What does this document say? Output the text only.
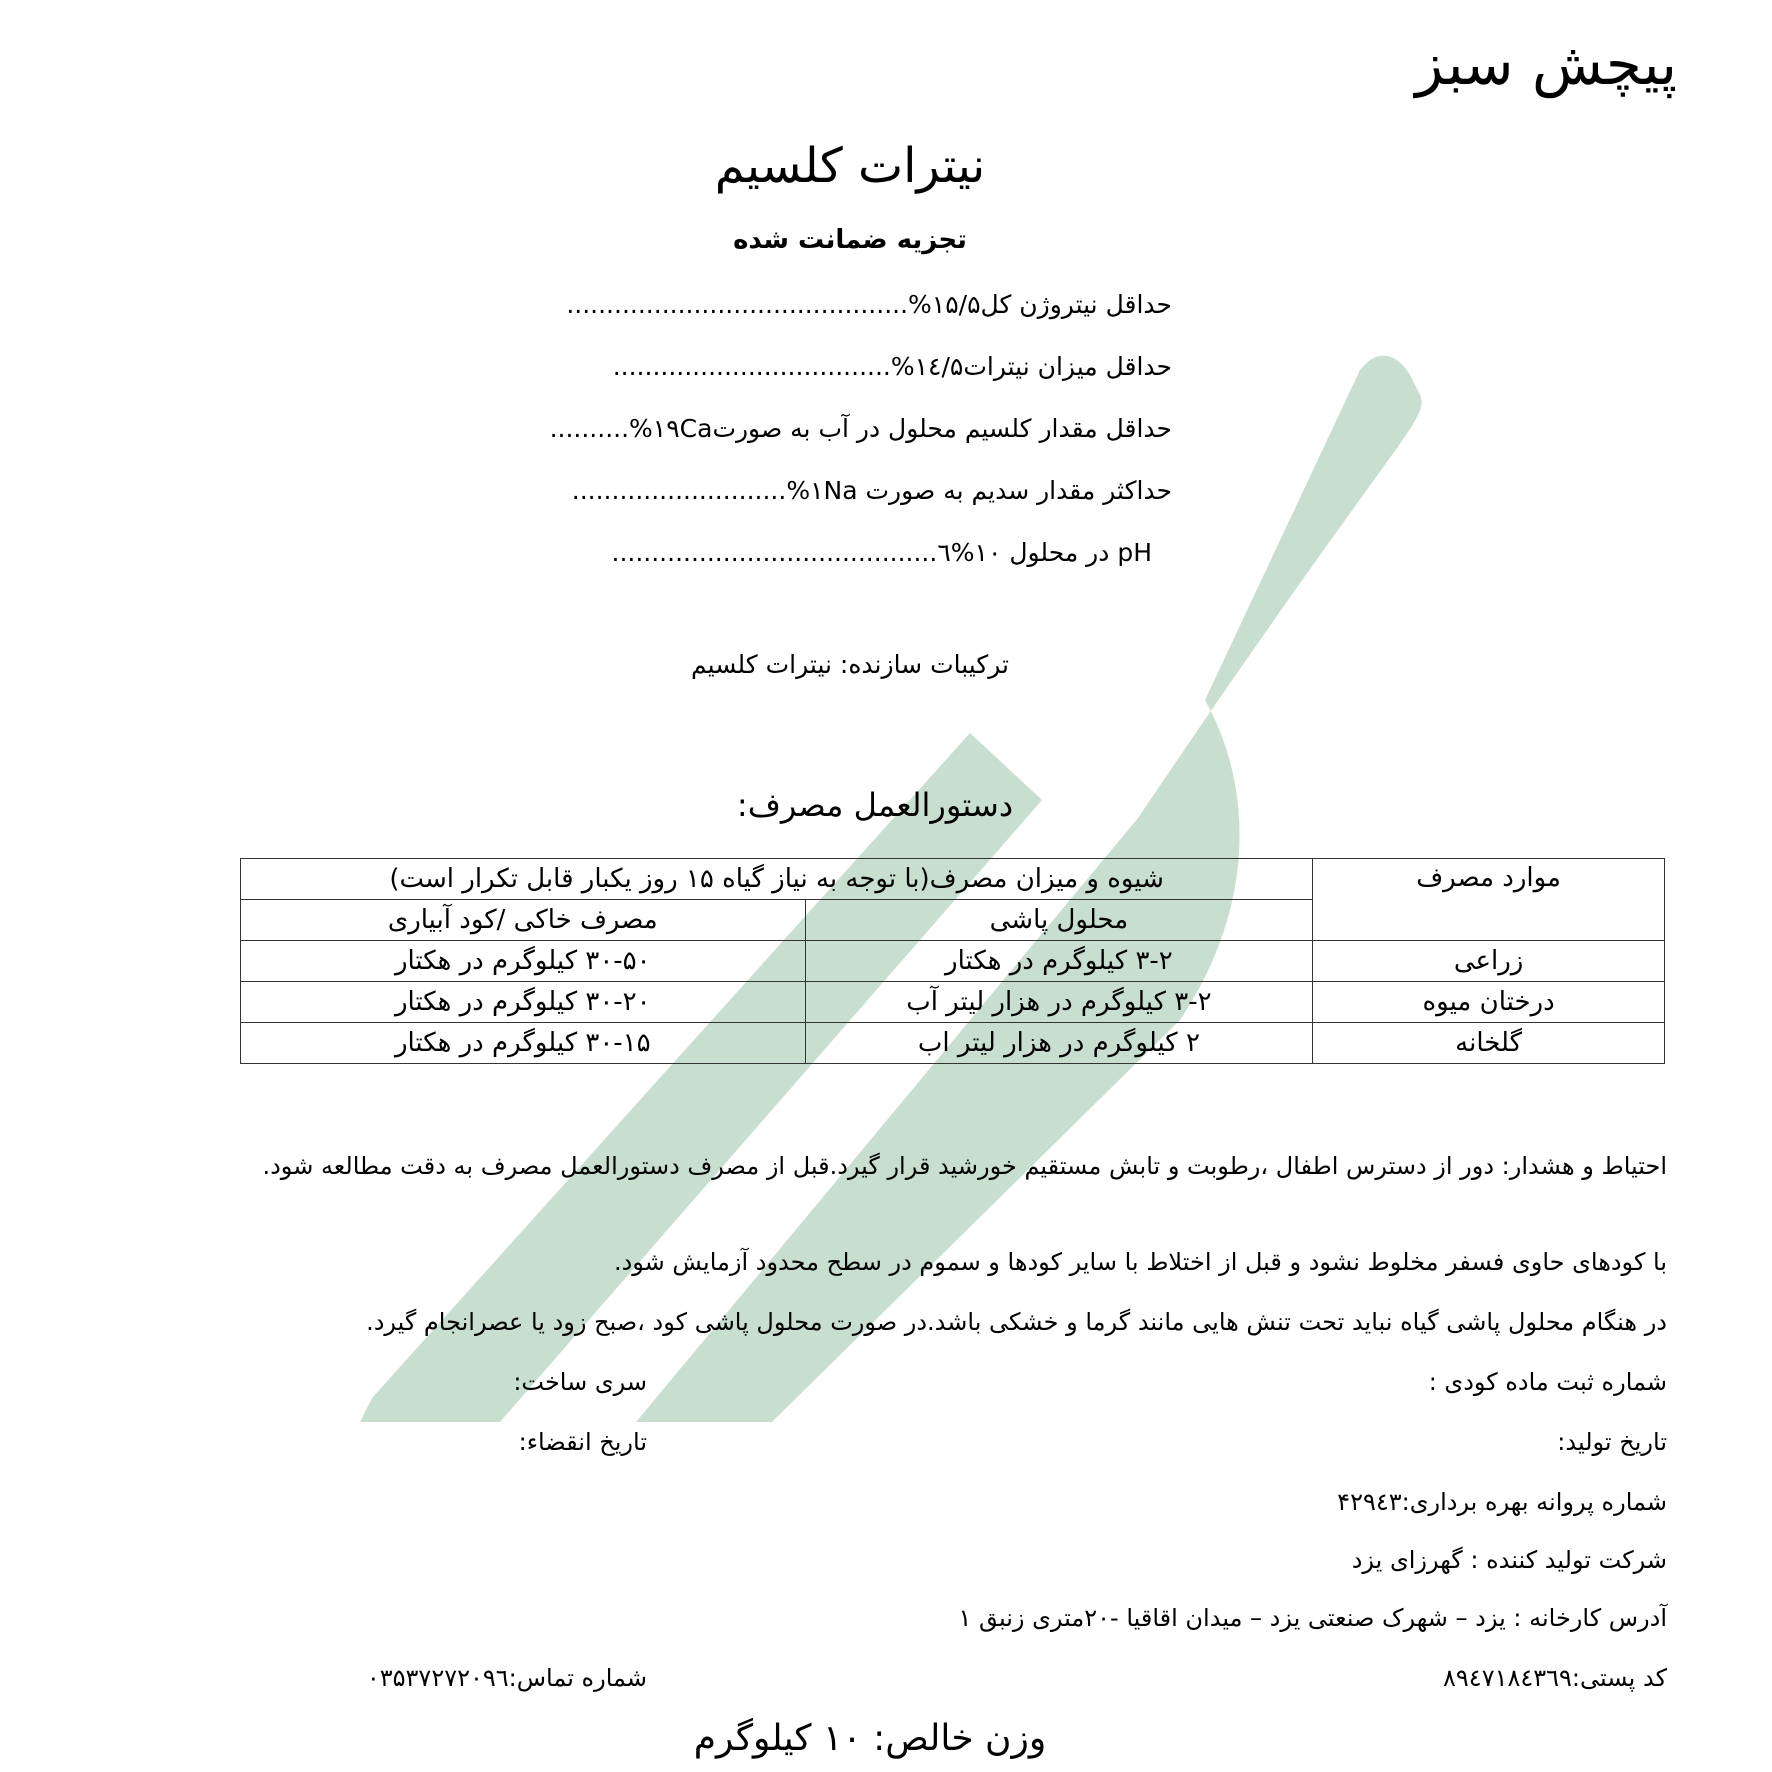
پیچش سبز
نیترات کلسیم
تجزیه ضمانت شده
حداقل نیتروژن کل...........................................%۱۵/۵
حداقل میزان نیترات...................................%۱٤/۵
حداقل مقدار کلسیم محلول در آب به صورتCa..........%۱۹
حداکثر مقدار سدیم به صورت Na...........................%۱
pH در محلول ۱۰%.........................................٦
ترکیبات سازنده: نیترات کلسیم
دستورالعمل مصرف:
شیوه و میزان مصرف(با توجه به نیاز گیاه ۱۵ روز یکبار قابل تکرار است)		موارد مصرف
مصرف خاکی /کود آبیاری	محلول پاشی	
۳۰-۵۰ کیلوگرم در هکتار	۳-۲ کیلوگرم در هکتار	زراعی
۳۰-۲۰ کیلوگرم در هکتار	۳-۲ کیلوگرم در هزار لیتر آب	درختان میوه
۳۰-۱۵ کیلوگرم در هکتار	۲ کیلوگرم در هزار لیتر اب	گلخانه
احتیاط و هشدار: دور از دسترس اطفال ،رطوبت و تابش مستقیم خورشید قرار گیرد.قبل از مصرف دستورالعمل مصرف به دقت مطالعه شود.
با کودهای حاوی فسفر مخلوط نشود و قبل از اختلاط با سایر کودها و سموم در سطح محدود آزمایش شود.
در هنگام محلول پاشی گیاه نباید تحت تنش هایی مانند گرما و خشکی باشد.در صورت محلول پاشی کود ،صبح زود یا عصرانجام گیرد.
شماره ثبت ماده کودی :
سری ساخت:
تاریخ تولید:
تاریخ انقضاء:
شماره پروانه بهره برداری:۴۲۹٤۳
شرکت تولید کننده : گهرزای یزد
آدرس کارخانه : یزد – شهرک صنعتی یزد – میدان اقاقیا -۲۰متری زنبق ۱
کد پستی:۸۹٤۷۱۸٤۳٦۹
شماره تماس:۰۳۵۳۷۲۷۲۰۹٦
وزن خالص: ۱۰ کیلوگرم
